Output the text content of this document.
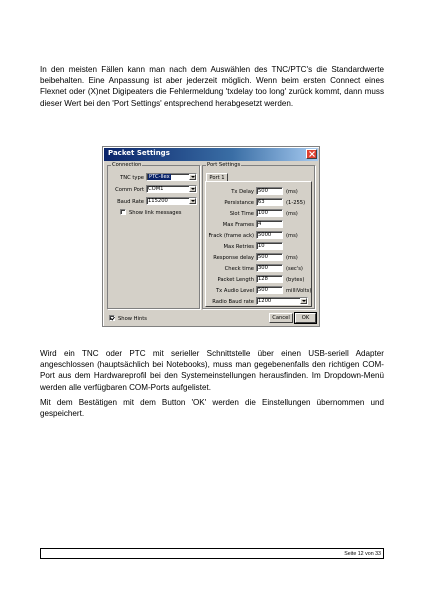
In den meisten Fällen kann man nach dem Auswählen des TNC/PTC's die Standardwerte beibehalten. Eine Anpassung ist aber jederzeit möglich. Wenn beim ersten Connect eines Flexnet oder (X)net Digipeaters die Fehlermeldung 'txdelay too long' zurück kommt, dann muss dieser Wert bei den 'Port Settings' entsprechend herabgesetzt werden.

Packet Settings
Connection
TNC type PTC-IIex
Comm Port COM1
Baud Rate 115200
Show link messages
Port Settings
Port 1
Tx Delay 500	(ms)
Persistance 63	(1-255)
Slot Time 100	(ms)
Max Frames 4
Frack (frame ack) 5000	(ms)
Max Retries 10
Response delay 500	(ms)
Check time 300	(sec's)
Packet Length 128	(bytes)
Tx Audio Level 500	milliVolts)
Radio Baud rate 1200
Show Hints	Cancel	OK

Wird ein TNC oder PTC mit serieller Schnittstelle über einen USB-seriell Adapter angeschlossen (hauptsächlich bei Notebooks), muss man gegebenenfalls den richtigen COM-Port aus dem Hardwareprofil bei den Systemeinstellungen herausfinden. Im Dropdown-Menü werden alle verfügbaren COM-Ports aufgelistet.

Mit dem Bestätigen mit dem Button 'OK' werden die Einstellungen übernommen und gespeichert.

Seite 12 von 33
